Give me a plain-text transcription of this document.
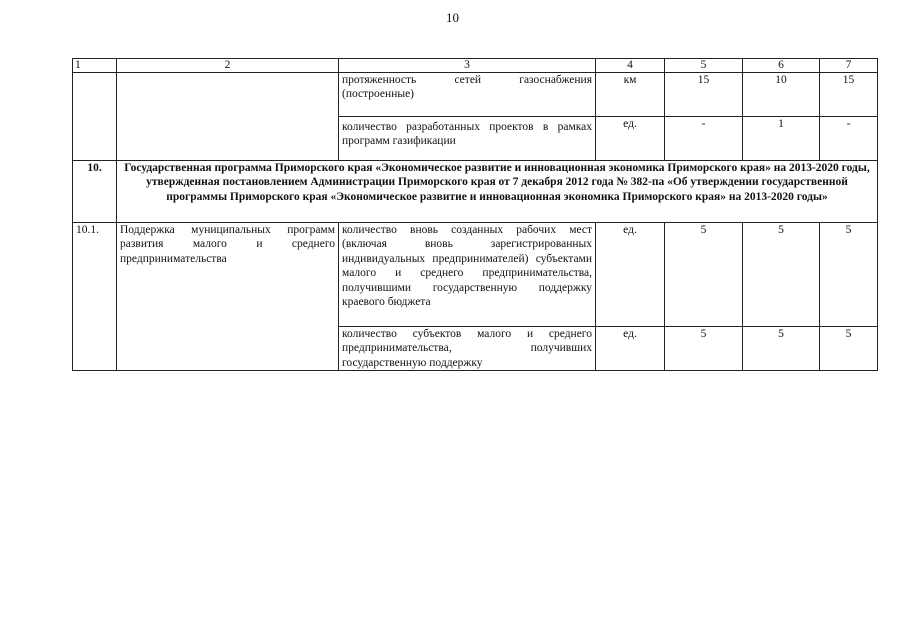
10
1	2	3	4	5	6	7
		протяженность сетей газоснабжения (построенные)	км	15	10	15
		количество разработанных проектов в рамках программ газификации	ед.	-	1	-
10.	Государственная программа Приморского края «Экономическое развитие и инновационная экономика Приморского края» на 2013-2020 годы, утвержденная постановлением Администрации Приморского края от 7 декабря 2012 года № 382-па «Об утверждении государственной программы Приморского края «Экономическое развитие и инновационная экономика Приморского края» на 2013-2020 годы»					
10.1.	Поддержка муниципальных программ развития малого и среднего предпринимательства	количество вновь созданных рабочих мест (включая вновь зарегистрированных индивидуальных предпринимателей) субъектами малого и среднего предпринимательства, получившими государственную поддержку краевого бюджета	ед.	5	5	5
		количество субъектов малого и среднего предпринимательства, получивших государственную поддержку	ед.	5	5	5
